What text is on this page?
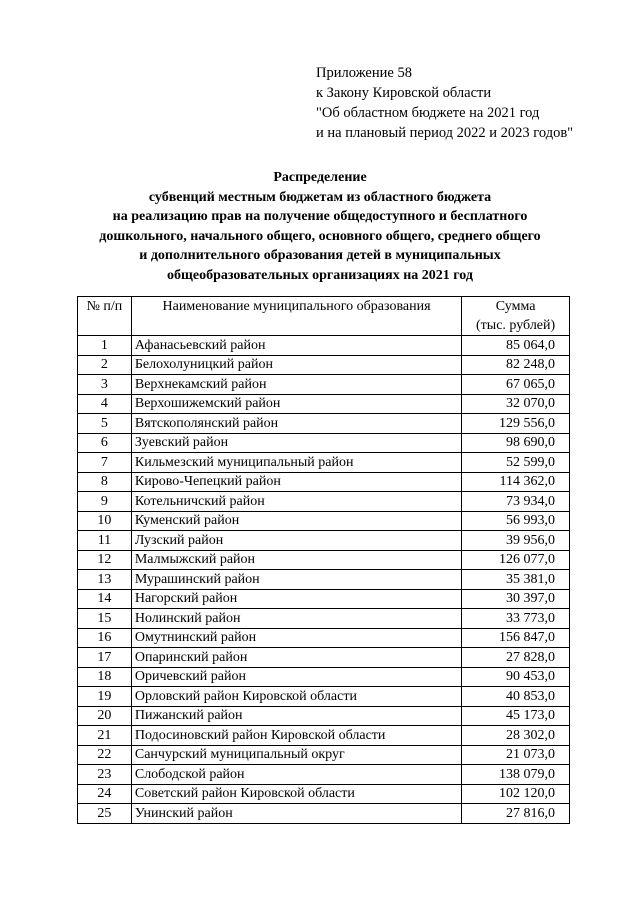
Приложение 58
к Закону Кировской области
"Об областном бюджете на 2021 год
и на плановый период 2022 и 2023 годов"
Распределение
субвенций местным бюджетам из областного бюджета
на реализацию прав на получение общедоступного и бесплатного
дошкольного, начального общего, основного общего, среднего общего
и дополнительного образования детей в муниципальных
общеобразовательных организациях на 2021 год
№ п/п	Наименование муниципального образования	Сумма
(тыс. рублей)

1	Афанасьевский район	85 064,0
2	Белохолуницкий район	82 248,0
3	Верхнекамский район	67 065,0
4	Верхошижемский район	32 070,0
5	Вятскополянский район	129 556,0
6	Зуевский район	98 690,0
7	Кильмезский муниципальный район	52 599,0
8	Кирово-Чепецкий район	114 362,0
9	Котельничский район	73 934,0
10	Куменский район	56 993,0
11	Лузский район	39 956,0
12	Малмыжский район	126 077,0
13	Мурашинский район	35 381,0
14	Нагорский район	30 397,0
15	Нолинский район	33 773,0
16	Омутнинский район	156 847,0
17	Опаринский район	27 828,0
18	Оричевский район	90 453,0
19	Орловский район Кировской области	40 853,0
20	Пижанский район	45 173,0
21	Подосиновский район Кировской области	28 302,0
22	Санчурский муниципальный округ	21 073,0
23	Слободской район	138 079,0
24	Советский район Кировской области	102 120,0
25	Унинский район	27 816,0
